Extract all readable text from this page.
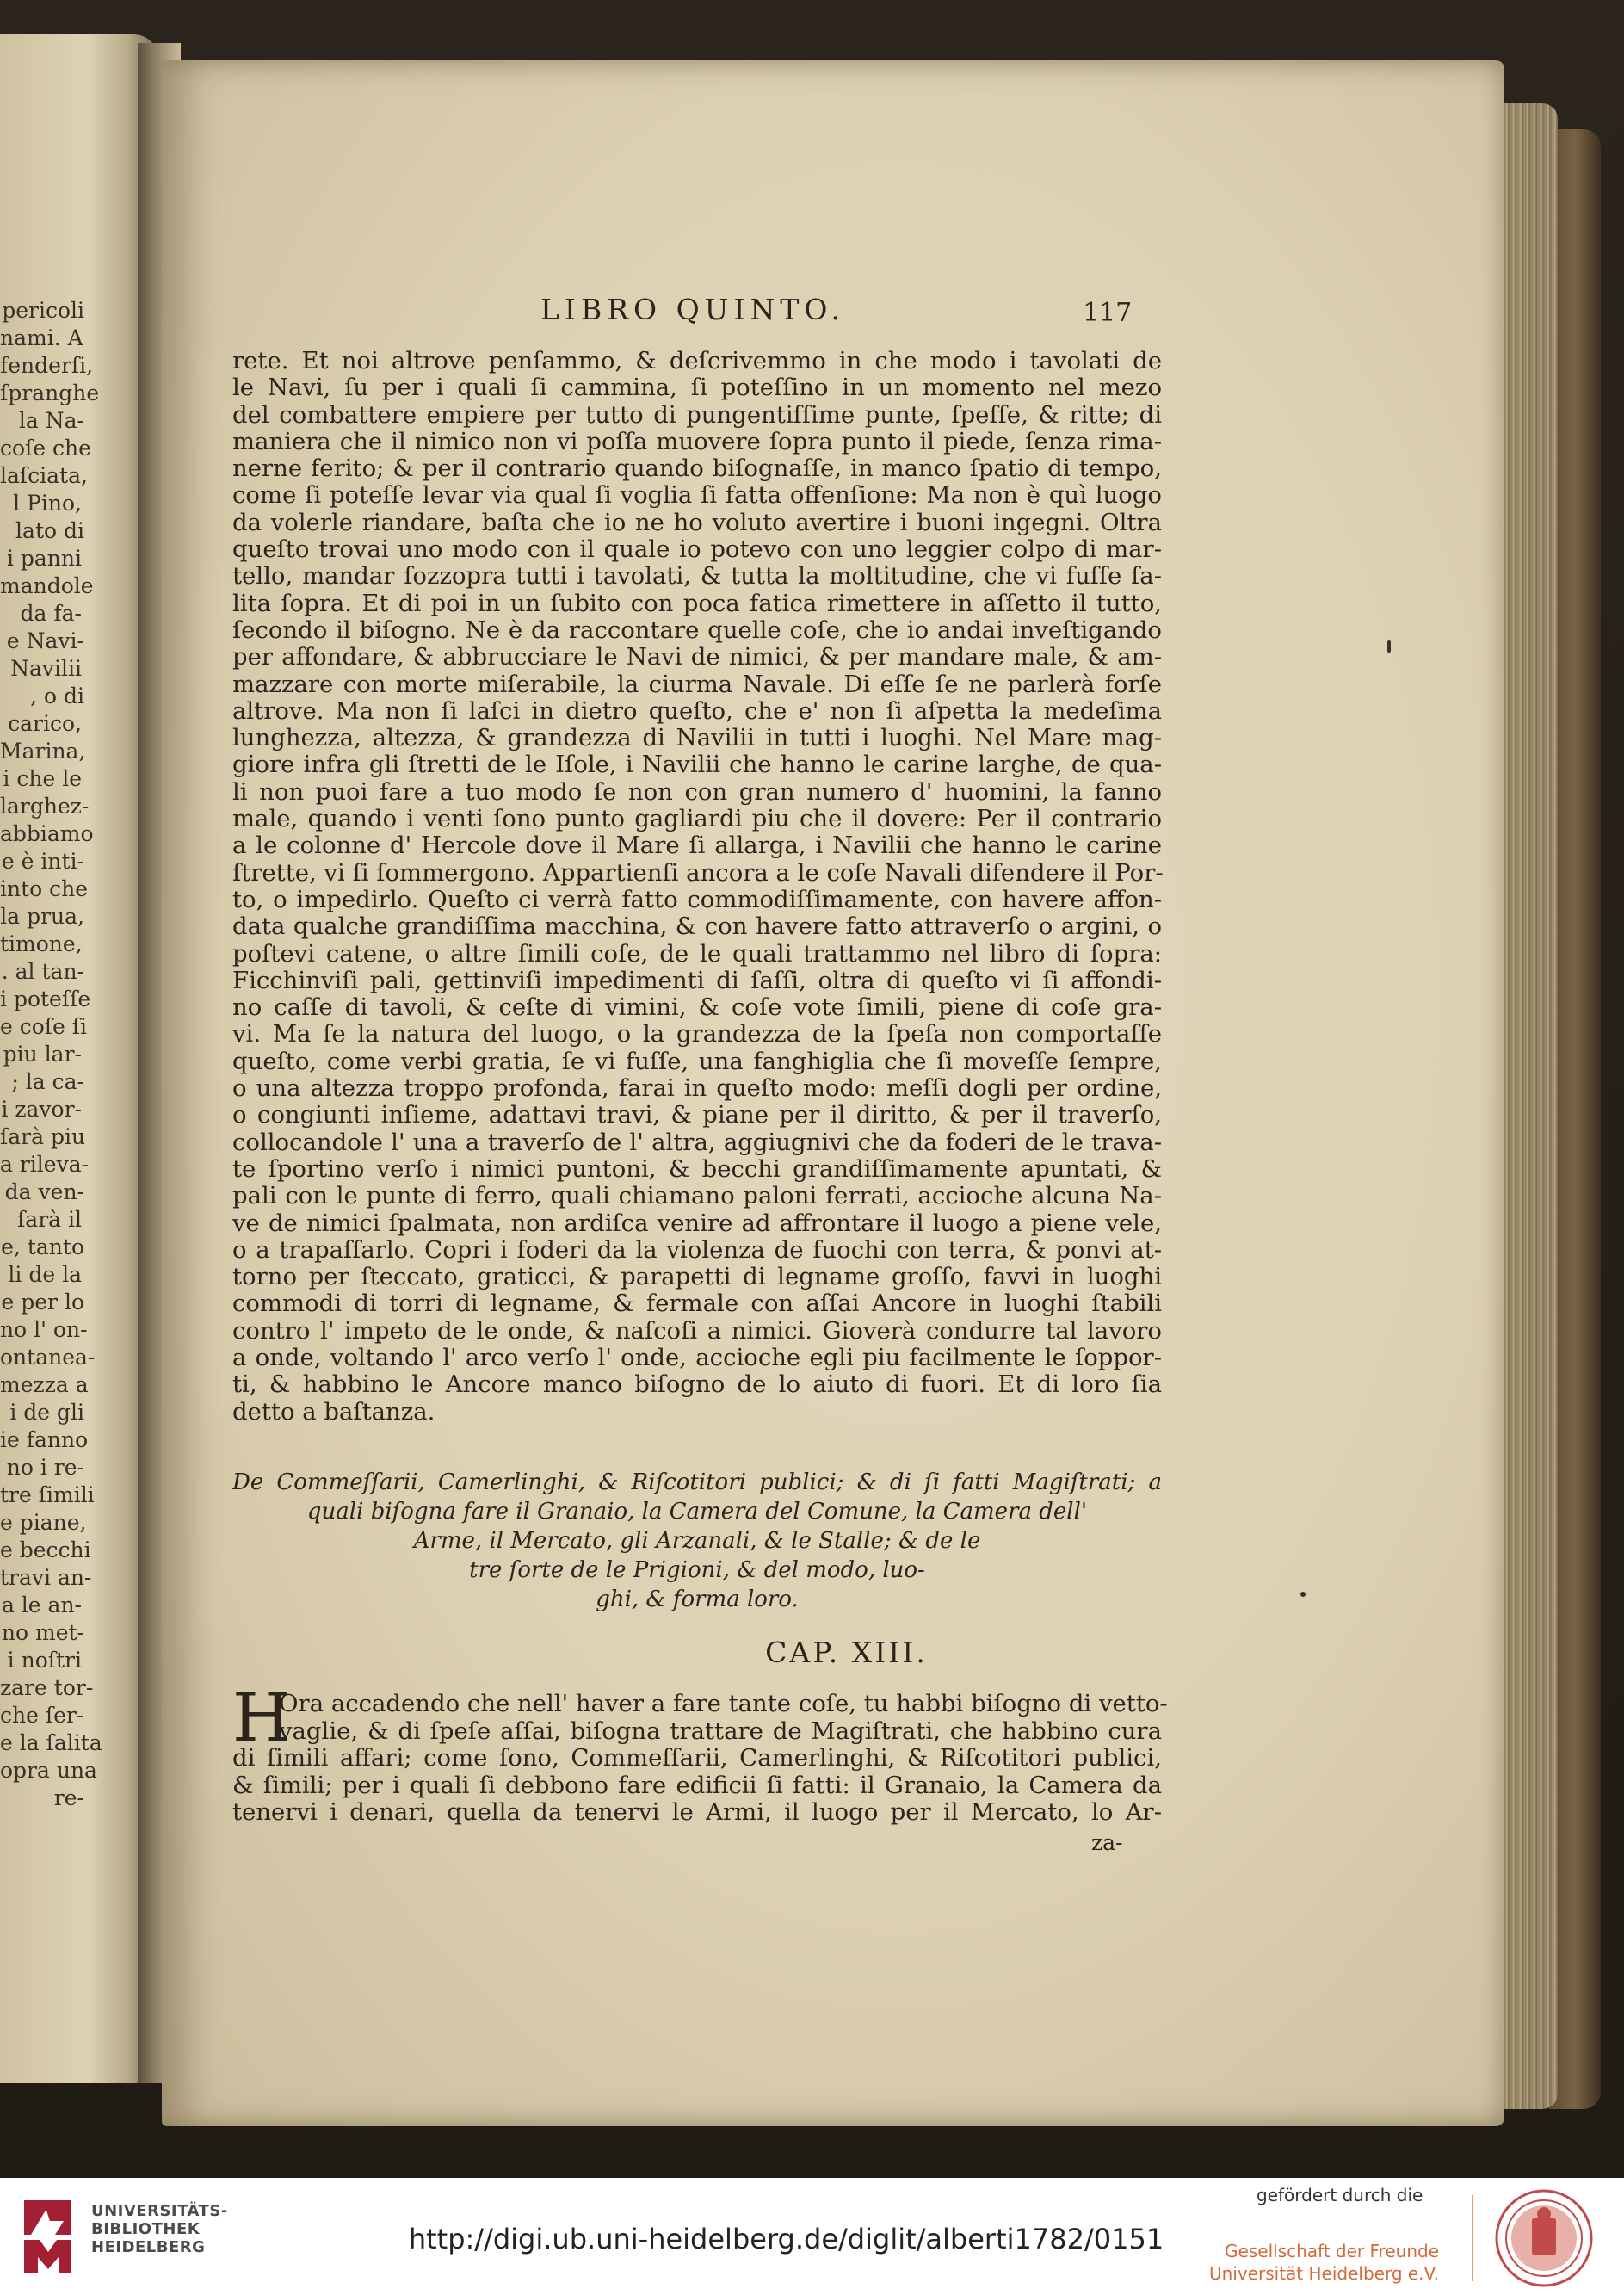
pericoli
nami. A
fenderſi,
ſpranghe
la Na-
coſe che
laſciata,
l Pino,
lato di
i panni
mandole
da fa-
e Navi-
Navilii
, o di
carico,
Marina,
i che le
larghez-
abbiamo
e è inti-
into che
la prua,
timone,
. al tan-
i poteſſe
e coſe ſi
piu lar-
; la ca-
i zavor-
ſarà piu
a rileva-
da ven-
ſarà il
e, tanto
li de la
e per lo
no l' on-
ontanea-
mezza a
i de gli
ie fanno
no i re-
tre ſimili
e piane,
e becchi
travi an-
a le an-
no met-
i noſtri
zare tor-
che ſer-
e la ſalita
opra una
re-
LIBRO QUINTO.	117
rete. Et noi altrove penſammo, & deſcrivemmo in che modo i tavolati de
le Navi, ſu per i quali ſi cammina, ſi poteſſino in un momento nel mezo
del combattere empiere per tutto di pungentiſſime punte, ſpeſſe, & ritte; di
maniera che il nimico non vi poſſa muovere ſopra punto il piede, ſenza rima-
nerne ferito; & per il contrario quando biſognaſſe, in manco ſpatio di tempo,
come ſi poteſſe levar via qual ſi voglia ſi fatta offenſione: Ma non è quì luogo
da volerle riandare, baſta che io ne ho voluto avertire i buoni ingegni. Oltra
queſto trovai uno modo con il quale io potevo con uno leggier colpo di mar-
tello, mandar ſozzopra tutti i tavolati, & tutta la moltitudine, che vi fuſſe ſa-
lita ſopra. Et di poi in un ſubito con poca fatica rimettere in aſſetto il tutto,
ſecondo il biſogno. Ne è da raccontare quelle coſe, che io andai inveſtigando
per affondare, & abbrucciare le Navi de nimici, & per mandare male, & am-
mazzare con morte miſerabile, la ciurma Navale. Di eſſe ſe ne parlerà forſe
altrove. Ma non ſi laſci in dietro queſto, che e' non ſi aſpetta la medeſima
lunghezza, altezza, & grandezza di Navilii in tutti i luoghi. Nel Mare mag-
giore infra gli ſtretti de le Iſole, i Navilii che hanno le carine larghe, de qua-
li non puoi fare a tuo modo ſe non con gran numero d' huomini, la fanno
male, quando i venti ſono punto gagliardi piu che il dovere: Per il contrario
a le colonne d' Hercole dove il Mare ſi allarga, i Navilii che hanno le carine
ſtrette, vi ſi ſommergono. Appartienſi ancora a le coſe Navali difendere il Por-
to, o impedirlo. Queſto ci verrà fatto commodiſſimamente, con havere affon-
data qualche grandiſſima macchina, & con havere fatto attraverſo o argini, o
poſtevi catene, o altre ſimili coſe, de le quali trattammo nel libro di ſopra:
Ficchinviſi pali, gettinviſi impedimenti di ſaſſi, oltra di queſto vi ſi affondi-
no caſſe di tavoli, & ceſte di vimini, & coſe vote ſimili, piene di coſe gra-
vi. Ma ſe la natura del luogo, o la grandezza de la ſpeſa non comportaſſe
queſto, come verbi gratia, ſe vi fuſſe, una fanghiglia che ſi moveſſe ſempre,
o una altezza troppo profonda, farai in queſto modo: meſſi dogli per ordine,
o congiunti inſieme, adattavi travi, & piane per il diritto, & per il traverſo,
collocandole l' una a traverſo de l' altra, aggiugnivi che da foderi de le trava-
te ſportino verſo i nimici puntoni, & becchi grandiſſimamente apuntati, &
pali con le punte di ferro, quali chiamano paloni ferrati, accioche alcuna Na-
ve de nimici ſpalmata, non ardiſca venire ad affrontare il luogo a piene vele,
o a trapaſſarlo. Copri i foderi da la violenza de fuochi con terra, & ponvi at-
torno per ſteccato, graticci, & parapetti di legname groſſo, favvi in luoghi
commodi di torri di legname, & fermale con aſſai Ancore in luoghi ſtabili
contro l' impeto de le onde, & naſcoſi a nimici. Gioverà condurre tal lavoro
a onde, voltando l' arco verſo l' onde, accioche egli piu facilmente le ſoppor-
ti, & habbino le Ancore manco biſogno de lo aiuto di fuori. Et di loro ſia
detto a baſtanza.
De Commeſſarii, Camerlinghi, & Riſcotitori publici; & di ſi fatti Magiſtrati; a
quali biſogna fare il Granaio, la Camera del Comune, la Camera dell'
Arme, il Mercato, gli Arzanali, & le Stalle; & de le
tre ſorte de le Prigioni, & del modo, luo-
ghi, & forma loro.
CAP. XIII.
H
Ora accadendo che nell' haver a fare tante coſe, tu habbi biſogno di vetto-
vaglie, & di ſpeſe aſſai, biſogna trattare de Magiſtrati, che habbino cura
di ſimili affari; come ſono, Commeſſarii, Camerlinghi, & Riſcotitori publici,
& ſimili; per i quali ſi debbono fare edificii ſi fatti: il Granaio, la Camera da
tenervi i denari, quella da tenervi le Armi, il luogo per il Mercato, lo Ar-
za-
UNIVERSITÄTS-
BIBLIOTHEK
HEIDELBERG	http://digi.ub.uni-heidelberg.de/diglit/alberti1782/0151
gefördert durch die
Gesellschaft der Freunde
Universität Heidelberg e.V.
